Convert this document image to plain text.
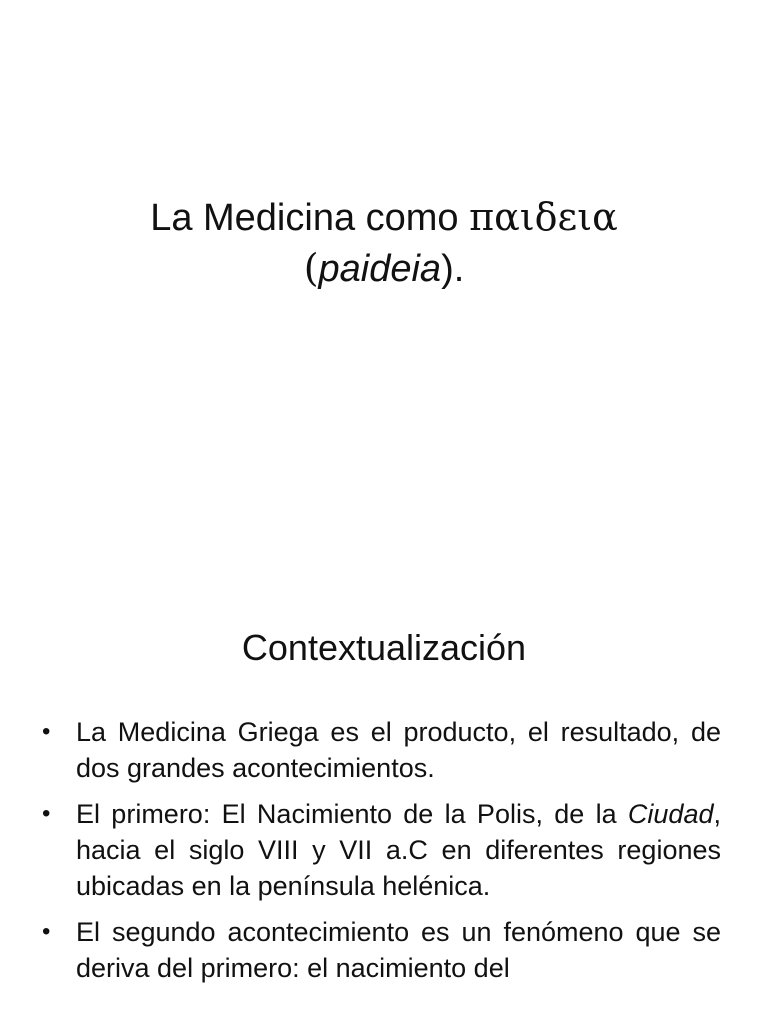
La Medicina como παιδεια
(paideia).
Contextualización
• La Medicina Griega es el producto, el resultado, de dos grandes acontecimientos.
• El primero: El Nacimiento de la Polis, de la Ciudad, hacia el siglo VIII y VII a.C en diferentes regiones ubicadas en la península helénica.
• El segundo acontecimiento es un fenómeno que se deriva del primero: el nacimiento del
